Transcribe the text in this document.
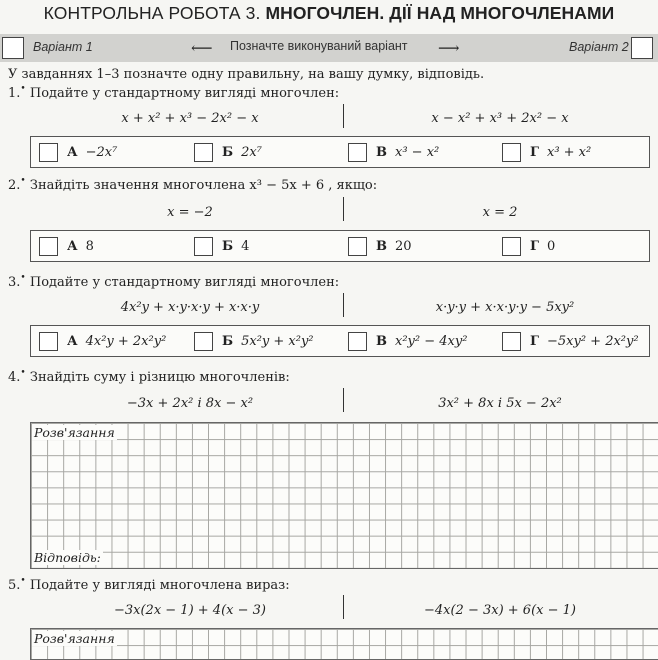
КОНТРОЛЬНА РОБОТА 3. МНОГОЧЛЕН. ДІЇ НАД МНОГОЧЛЕНАМИ
Варіант 1	⟵ Позначте виконуваний варіант ⟶	Варіант 2
У завданнях 1–3 позначте одну правильну, на вашу думку, відповідь.
1.• Подайте у стандартному вигляді многочлен:
x + x² + x³ − 2x² − x	x − x² + x³ + 2x² − x
А −2x⁷	Б 2x⁷	В x³ − x²	Г x³ + x²
2.• Знайдіть значення многочлена x³ − 5x + 6 , якщо:
x = −2	x = 2
А 8	Б 4	В 20	Г 0
3.• Подайте у стандартному вигляді многочлен:
4x²y + x·y·x·y + x·x·y	x·y·y + x·x·y·y − 5xy²
А 4x²y + 2x²y²	Б 5x²y + x²y²	В x²y² − 4xy²	Г −5xy² + 2x²y²
4.• Знайдіть суму і різницю многочленів:
−3x + 2x² і 8x − x²	3x² + 8x і 5x − 2x²
Розв'язання
Відповідь:
5.• Подайте у вигляді многочлена вираз:
−3x(2x − 1) + 4(x − 3)	−4x(2 − 3x) + 6(x − 1)
Розв'язання
